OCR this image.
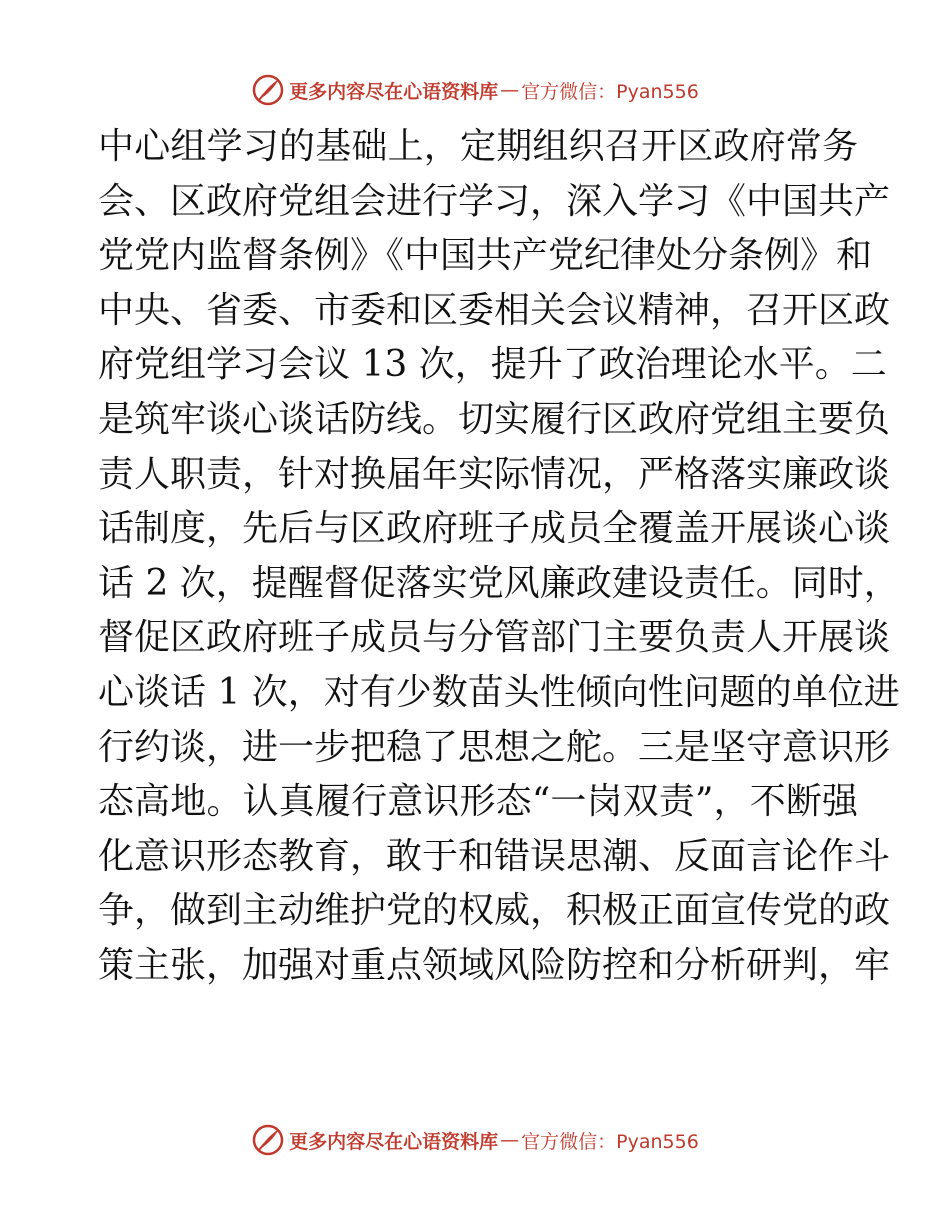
更多内容尽在心语资料库 — 官方微信：Pyan556
中心组学习的基础上，定期组织召开区政府常务
会、区政府党组会进行学习，深入学习《中国共产
党党内监督条例》《中国共产党纪律处分条例》和
中央、省委、市委和区委相关会议精神，召开区政
府党组学习会议 13 次，提升了政治理论水平。二
是筑牢谈心谈话防线。切实履行区政府党组主要负
责人职责，针对换届年实际情况，严格落实廉政谈
话制度，先后与区政府班子成员全覆盖开展谈心谈
话 2 次，提醒督促落实党风廉政建设责任。同时，
督促区政府班子成员与分管部门主要负责人开展谈
心谈话 1 次，对有少数苗头性倾向性问题的单位进
行约谈，进一步把稳了思想之舵。三是坚守意识形
态高地。认真履行意识形态“一岗双责”，不断强
化意识形态教育，敢于和错误思潮、反面言论作斗
争，做到主动维护党的权威，积极正面宣传党的政
策主张，加强对重点领域风险防控和分析研判，牢
更多内容尽在心语资料库 — 官方微信：Pyan556
